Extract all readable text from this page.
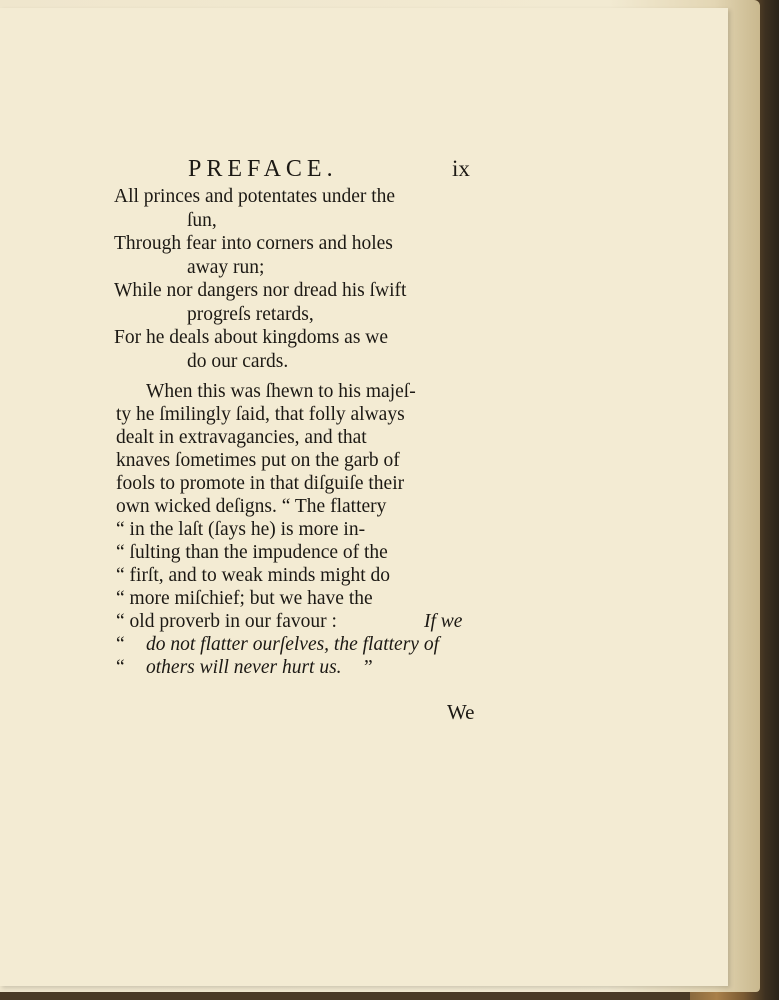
PREFACE.	ix
All princes and potentates under the
ſun,
Through fear into corners and holes
away run;
While nor dangers nor dread his ſwift
progreſs retards,
For he deals about kingdoms as we
do our cards.
When this was ſhewn to his majeſ-
ty he ſmilingly ſaid, that folly always
dealt in extravagancies, and that
knaves ſometimes put on the garb of
fools to promote in that diſguiſe their
own wicked deſigns. “ The flattery
“ in the laſt (ſays he) is more in-
“ ſulting than the impudence of the
“ firſt, and to weak minds might do
“ more miſchief; but we have the
“ old proverb in our favour :	If we
“ do not flatter ourſelves, the flattery of
“ others will never hurt us. ”
We
